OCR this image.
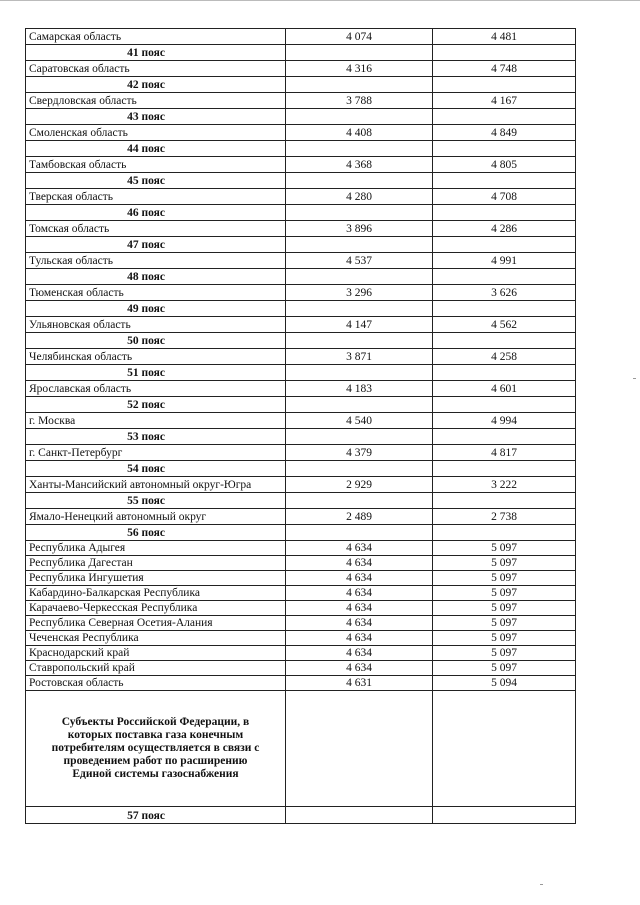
Самарская область	4 074	4 481
41 пояс		
Саратовская область	4 316	4 748
42 пояс		
Свердловская область	3 788	4 167
43 пояс		
Смоленская область	4 408	4 849
44 пояс		
Тамбовская область	4 368	4 805
45 пояс		
Тверская область	4 280	4 708
46 пояс		
Томская область	3 896	4 286
47 пояс		
Тульская область	4 537	4 991
48 пояс		
Тюменская область	3 296	3 626
49 пояс		
Ульяновская область	4 147	4 562
50 пояс		
Челябинская область	3 871	4 258
51 пояс		
Ярославская область	4 183	4 601
52 пояс		
г. Москва	4 540	4 994
53 пояс		
г. Санкт-Петербург	4 379	4 817
54 пояс		
Ханты-Мансийский автономный округ-Югра	2 929	3 222
55 пояс		
Ямало-Ненецкий автономный округ	2 489	2 738
56 пояс		
Республика Адыгея	4 634	5 097
Республика Дагестан	4 634	5 097
Республика Ингушетия	4 634	5 097
Кабардино-Балкарская Республика	4 634	5 097
Карачаево-Черкесская Республика	4 634	5 097
Республика Северная Осетия-Алания	4 634	5 097
Чеченская Республика	4 634	5 097
Краснодарский край	4 634	5 097
Ставропольский край	4 634	5 097
Ростовская область	4 631	5 094
Субъекты Российской Федерации, в которых поставка газа конечным потребителям осуществляется в связи с проведением работ по расширению Единой системы газоснабжения		
57 пояс		
